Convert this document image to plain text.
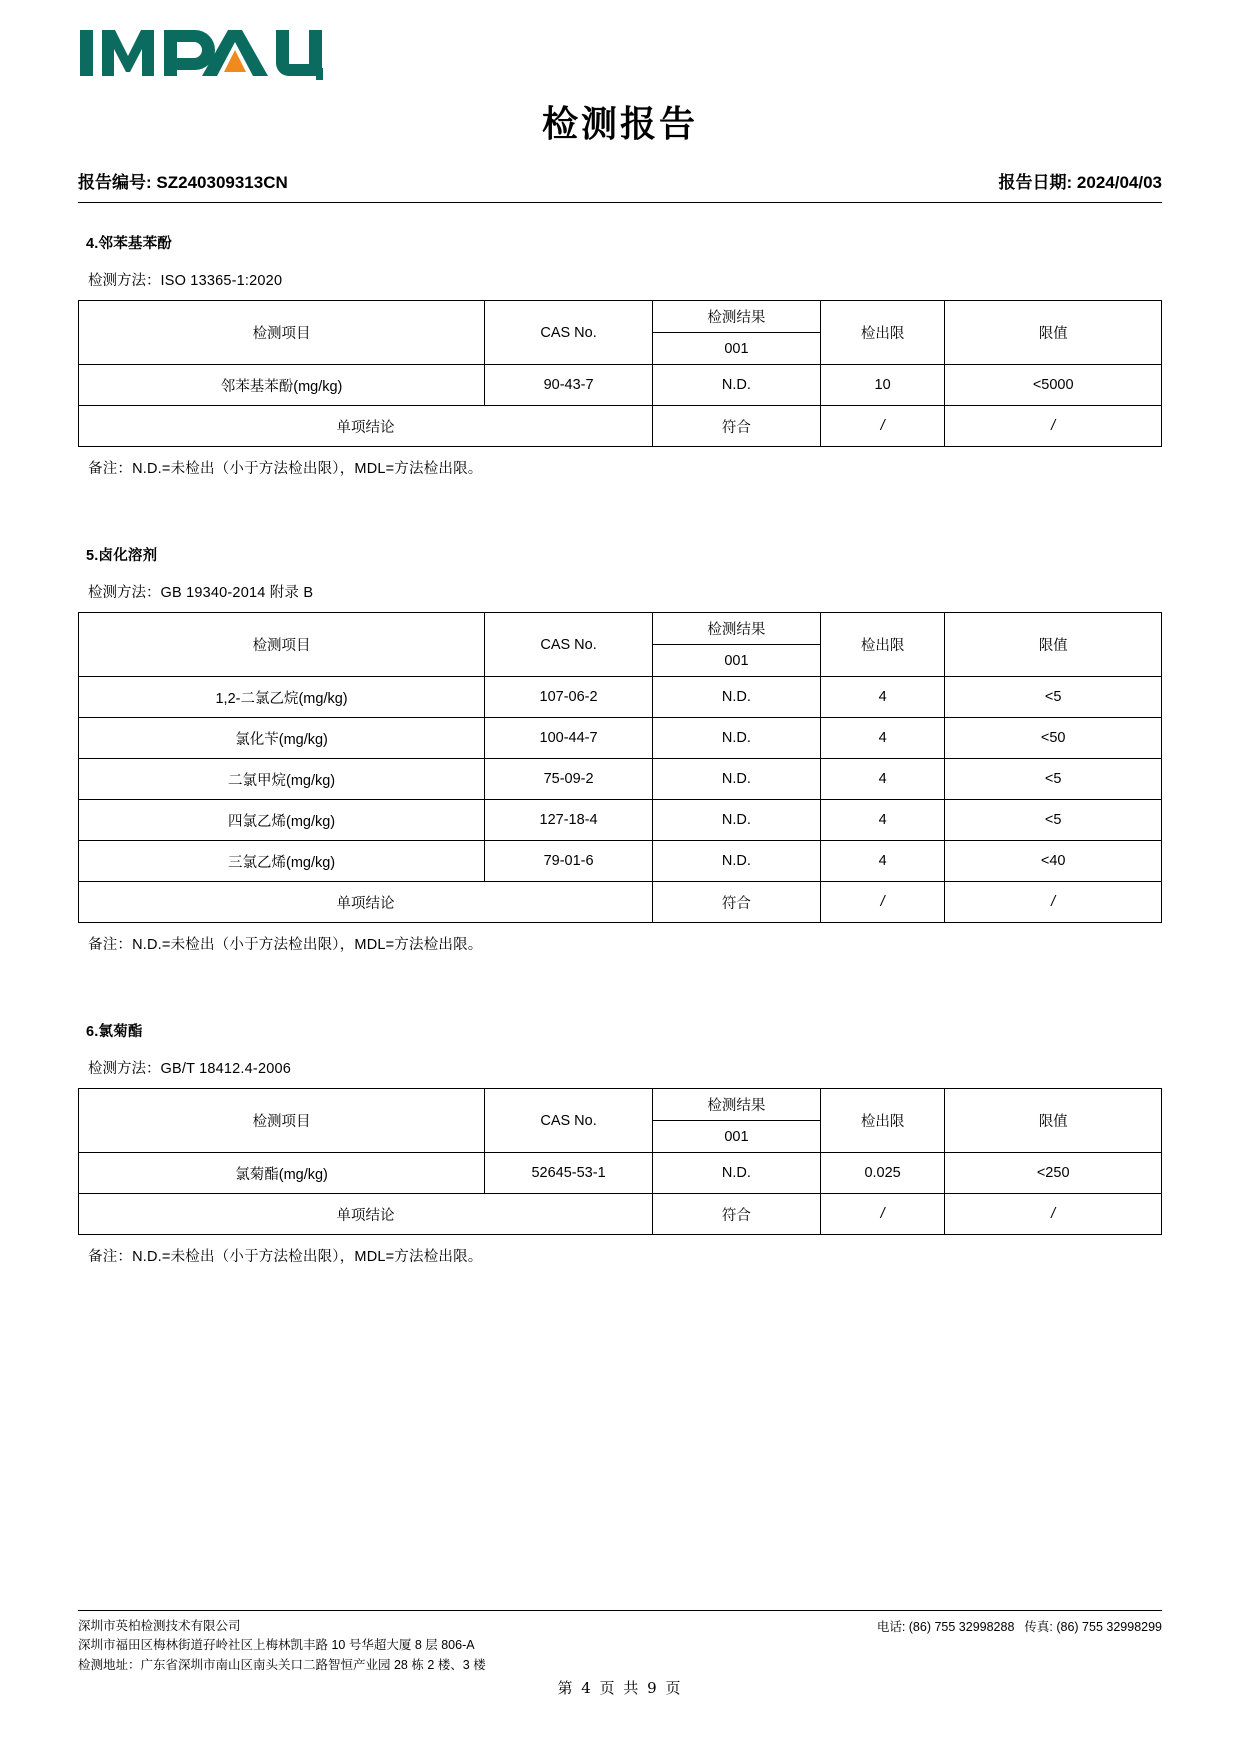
检测报告
报告编号: SZ240309313CN	报告日期: 2024/04/03
4.邻苯基苯酚
检测方法：ISO 13365-1:2020
检测项目	CAS No.	检测结果	检出限	限值
		001		
邻苯基苯酚(mg/kg)	90-43-7	N.D.	10	<5000
单项结论		符合	/	/
备注：N.D.=未检出（小于方法检出限），MDL=方法检出限。
5.卤化溶剂
检测方法：GB 19340-2014 附录 B
检测项目	CAS No.	检测结果	检出限	限值
		001		
1,2-二氯乙烷(mg/kg)	107-06-2	N.D.	4	<5
氯化苄(mg/kg)	100-44-7	N.D.	4	<50
二氯甲烷(mg/kg)	75-09-2	N.D.	4	<5
四氯乙烯(mg/kg)	127-18-4	N.D.	4	<5
三氯乙烯(mg/kg)	79-01-6	N.D.	4	<40
单项结论		符合	/	/
备注：N.D.=未检出（小于方法检出限），MDL=方法检出限。
6.氯菊酯
检测方法：GB/T 18412.4-2006
检测项目	CAS No.	检测结果	检出限	限值
		001		
氯菊酯(mg/kg)	52645-53-1	N.D.	0.025	<250
单项结论		符合	/	/
备注：N.D.=未检出（小于方法检出限），MDL=方法检出限。
深圳市英柏检测技术有限公司
深圳市福田区梅林街道孖岭社区上梅林凯丰路 10 号华超大厦 8 层 806-A
检测地址：广东省深圳市南山区南头关口二路智恒产业园 28 栋 2 楼、3 楼
电话: (86) 755 32998288 传真: (86) 755 32998299
第 4 页 共 9 页
